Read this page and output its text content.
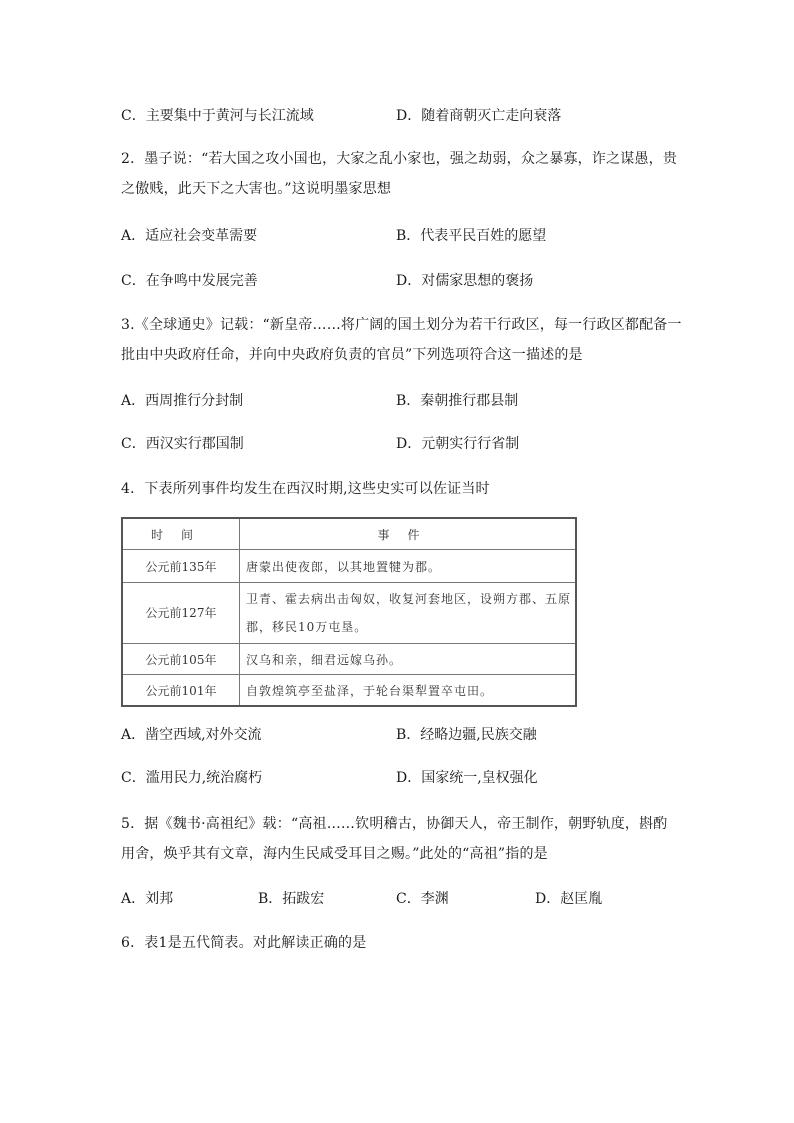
C．主要集中于黄河与长江流域	D．随着商朝灭亡走向衰落
2．墨子说：“若大国之攻小国也，大家之乱小家也，强之劫弱，众之暴寡，诈之谋愚，贵
之傲贱，此天下之大害也。”这说明墨家思想
A．适应社会变革需要	B．代表平民百姓的愿望
C．在争鸣中发展完善	D．对儒家思想的褒扬
3.《全球通史》记载：“新皇帝……将广阔的国土划分为若干行政区，每一行政区都配备一
批由中央政府任命，并向中央政府负责的官员”下列选项符合这一描述的是
A．西周推行分封制	B．秦朝推行郡县制
C．西汉实行郡国制	D．元朝实行行省制
4．下表所列事件均发生在西汉时期,这些史实可以佐证当时
时间	事件
公元前135年	唐蒙出使夜郎，以其地置犍为郡。
公元前127年	卫青、霍去病出击匈奴，收复河套地区，设朔方郡、五原
郡，移民10万屯垦。

公元前105年	汉乌和亲，细君远嫁乌孙。
公元前101年	自敦煌筑亭至盐泽，于轮台渠犁置卒屯田。
A．凿空西域,对外交流	B．经略边疆,民族交融
C．滥用民力,统治腐朽	D．国家统一,皇权强化
5．据《魏书·高祖纪》载：“高祖……钦明稽古，协御天人，帝王制作，朝野轨度，斟酌
用舍，焕乎其有文章，海内生民咸受耳目之赐。”此处的“高祖”指的是
A．刘邦	B．拓跋宏	C．李渊	D．赵匡胤
6．表1是五代简表。对此解读正确的是
